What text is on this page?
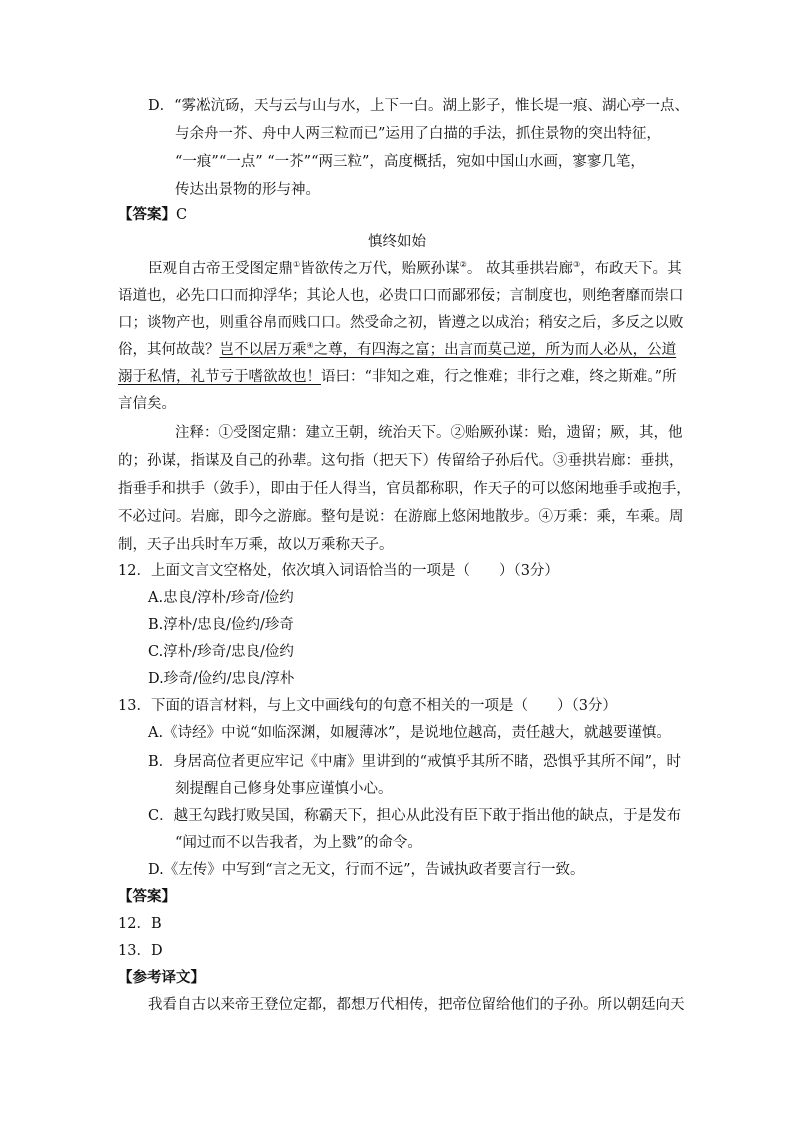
D．“雾凇沆砀，天与云与山与水，上下一白。湖上影子，惟长堤一痕、湖心亭一点、
与余舟一芥、舟中人两三粒而已”运用了白描的手法，抓住景物的突出特征，
“一痕”“一点” “一芥”“两三粒”，高度概括，宛如中国山水画，寥寥几笔，
传达出景物的形与神。
【答案】C
慎终如始
臣观自古帝王受图定鼎①皆欲传之万代，贻厥孙谋②。 故其垂拱岩廊③，布政天下。其
语道也，必先口口而抑浮华；其论人也，必贵口口而鄙邪佞；言制度也，则绝奢靡而崇口
口；谈物产也，则重谷帛而贱口口。然受命之初，皆遵之以成治；稍安之后，多反之以败
俗，其何故哉？岂不以居万乘④之尊，有四海之富；出言而莫己逆，所为而人必从，公道
溺于私情，礼节亏于嗜欲故也！语曰：“非知之难，行之惟难；非行之难，终之斯难。”所
言信矣。
注释：①受图定鼎：建立王朝，统治天下。②贻厥孙谋：贻，遗留；厥，其，他
的；孙谋，指谋及自己的孙辈。这句指（把天下）传留给子孙后代。③垂拱岩廊：垂拱，
指垂手和拱手（敛手），即由于任人得当，官员都称职，作天子的可以悠闲地垂手或抱手，
不必过问。岩廊，即今之游廊。整句是说：在游廊上悠闲地散步。④万乘：乘，车乘。周
制，天子出兵时车万乘，故以万乘称天子。
12．上面文言文空格处，依次填入词语恰当的一项是（　　）（3分）
A.忠良/淳朴/珍奇/俭约
B.淳朴/忠良/俭约/珍奇
C.淳朴/珍奇/忠良/俭约
D.珍奇/俭约/忠良/淳朴
13．下面的语言材料，与上文中画线句的句意不相关的一项是（　　）（3分）
A.《诗经》中说“如临深渊，如履薄冰”，是说地位越高，责任越大，就越要谨慎。
B．身居高位者更应牢记《中庸》里讲到的“戒慎乎其所不睹，恐惧乎其所不闻”，时
刻提醒自己修身处事应谨慎小心。
C．越王勾践打败吴国，称霸天下，担心从此没有臣下敢于指出他的缺点，于是发布
“闻过而不以告我者，为上戮”的命令。
D.《左传》中写到“言之无文，行而不远”，告诫执政者要言行一致。
【答案】
12．B
13．D
【参考译文】
我看自古以来帝王登位定都，都想万代相传，把帝位留给他们的子孙。所以朝廷向天
